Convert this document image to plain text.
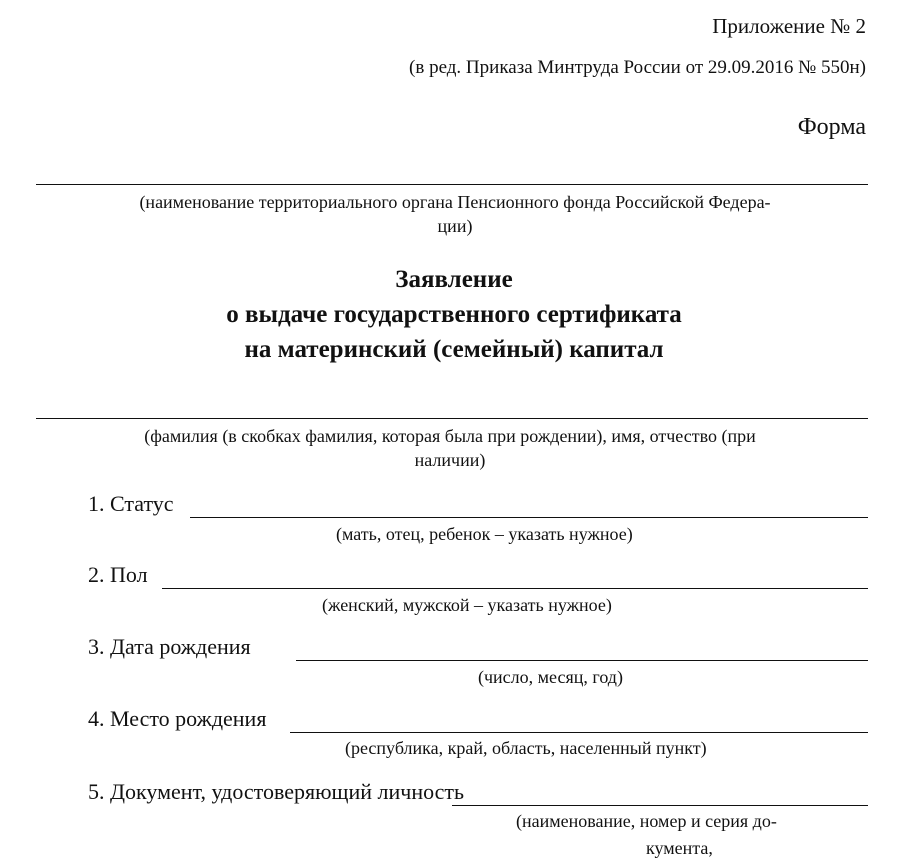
Приложение № 2
(в ред. Приказа Минтруда России от 29.09.2016 № 550н)
Форма
(наименование территориального органа Пенсионного фонда Российской Федера-
ции)
Заявление
о выдаче государственного сертификата
на материнский (семейный) капитал
(фамилия (в скобках фамилия, которая была при рождении), имя, отчество (при
наличии)
1. Статус
(мать, отец, ребенок – указать нужное)
2. Пол
(женский, мужской – указать нужное)
3. Дата рождения
(число, месяц, год)
4. Место рождения
(республика, край, область, населенный пункт)
5. Документ, удостоверяющий личность
(наименование, номер и серия до-
кумента,
